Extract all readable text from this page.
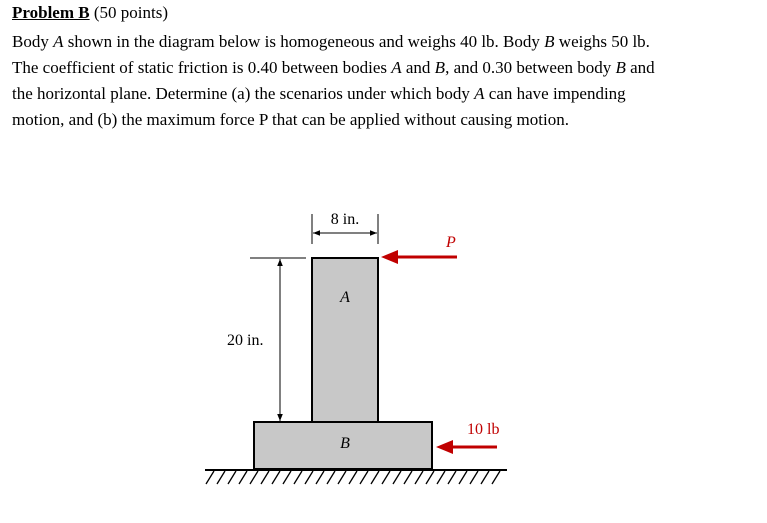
Problem B (50 points)
Body A shown in the diagram below is homogeneous and weighs 40 lb. Body B weighs 50 lb.
The coefficient of static friction is 0.40 between bodies A and B, and 0.30 between body B and
the horizontal plane. Determine (a) the scenarios under which body A can have impending
motion, and (b) the maximum force P that can be applied without causing motion.
8 in.
20 in.
A
B
P
10 lb
